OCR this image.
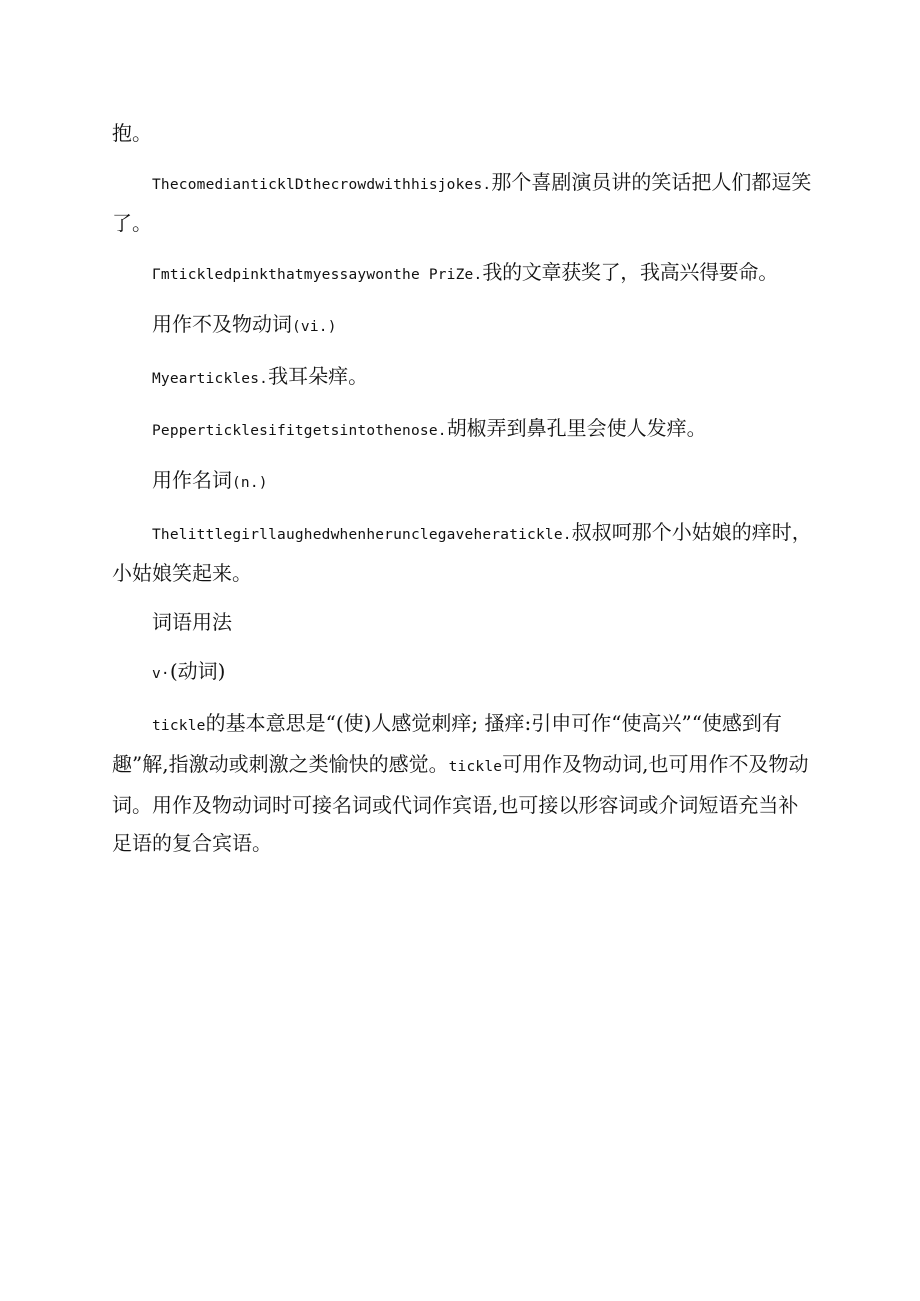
抱。

ThecomedianticklDthecrowdwithhisjokes.那个喜剧演员讲的笑话把人们都逗笑了。

Γmtickledpinkthatmyessaywonthe PriZe.我的文章获奖了，我高兴得要命。

用作不及物动词(vi.)

Myeartickles.我耳朵痒。

Pepperticklesifitgetsintothenose.胡椒弄到鼻孔里会使人发痒。

用作名词(n.)

Thelittlegirllaughedwhenherunclegaveheratickle.叔叔呵那个小姑娘的痒时，小姑娘笑起来。

词语用法

v·(动词)

tickle的基本意思是“(使)人感觉刺痒; 搔痒:引申可作“使高兴”“使感到有趣”解,指激动或刺激之类愉快的感觉。tickle可用作及物动词,也可用作不及物动词。用作及物动词时可接名词或代词作宾语,也可接以形容词或介词短语充当补足语的复合宾语。
